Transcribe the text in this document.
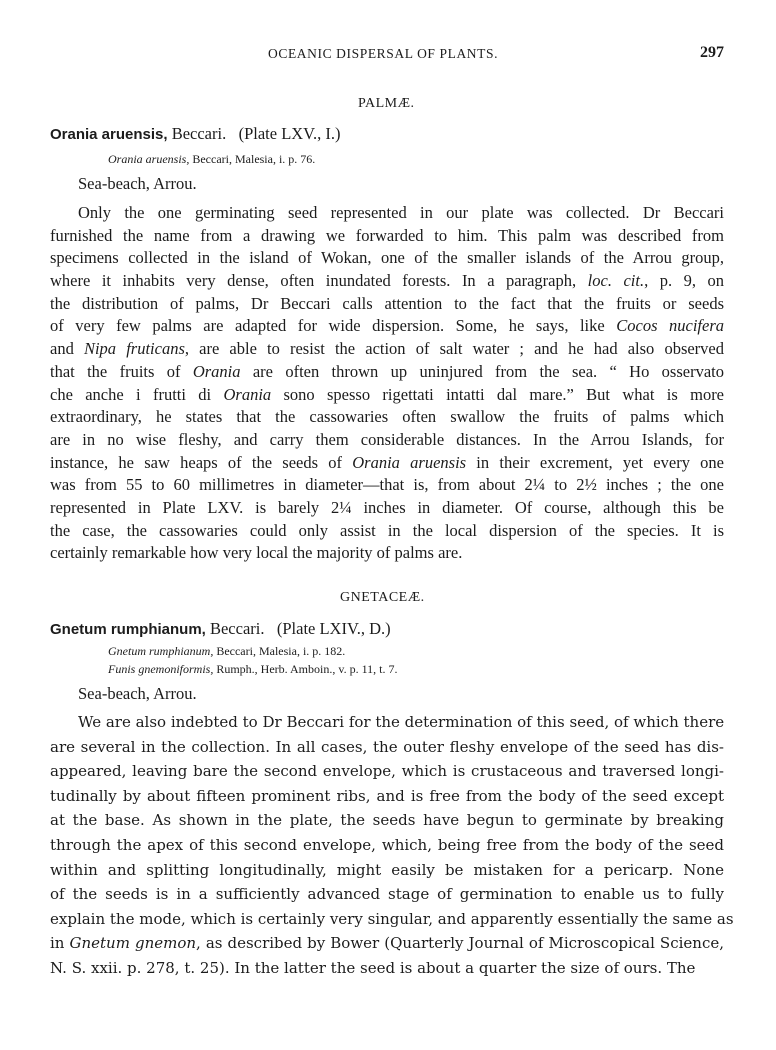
OCEANIC DISPERSAL OF PLANTS.	297
PALMÆ.
Orania aruensis, Beccari. (Plate LXV., I.)
Orania aruensis, Beccari, Malesia, i. p. 76.
Sea-beach, Arrou.
Only the one germinating seed represented in our plate was collected. Dr Beccari
furnished the name from a drawing we forwarded to him. This palm was described from
specimens collected in the island of Wokan, one of the smaller islands of the Arrou group,
where it inhabits very dense, often inundated forests. In a paragraph, loc. cit., p. 9, on
the distribution of palms, Dr Beccari calls attention to the fact that the fruits or seeds
of very few palms are adapted for wide dispersion. Some, he says, like Cocos nucifera
and Nipa fruticans, are able to resist the action of salt water ; and he had also observed
that the fruits of Orania are often thrown up uninjured from the sea. “ Ho osservato
che anche i frutti di Orania sono spesso rigettati intatti dal mare.” But what is more
extraordinary, he states that the cassowaries often swallow the fruits of palms which
are in no wise fleshy, and carry them considerable distances. In the Arrou Islands, for
instance, he saw heaps of the seeds of Orania aruensis in their excrement, yet every one
was from 55 to 60 millimetres in diameter—that is, from about 2¼ to 2½ inches ; the one
represented in Plate LXV. is barely 2¼ inches in diameter. Of course, although this be
the case, the cassowaries could only assist in the local dispersion of the species. It is
certainly remarkable how very local the majority of palms are.
GNETACEÆ.
Gnetum rumphianum, Beccari. (Plate LXIV., D.)
Gnetum rumphianum, Beccari, Malesia, i. p. 182.
Funis gnemoniformis, Rumph., Herb. Amboin., v. p. 11, t. 7.
Sea-beach, Arrou.
We are also indebted to Dr Beccari for the determination of this seed, of which there
are several in the collection. In all cases, the outer fleshy envelope of the seed has dis-
appeared, leaving bare the second envelope, which is crustaceous and traversed longi-
tudinally by about fifteen prominent ribs, and is free from the body of the seed except
at the base. As shown in the plate, the seeds have begun to germinate by breaking
through the apex of this second envelope, which, being free from the body of the seed
within and splitting longitudinally, might easily be mistaken for a pericarp. None
of the seeds is in a sufficiently advanced stage of germination to enable us to fully
explain the mode, which is certainly very singular, and apparently essentially the same as
in Gnetum gnemon, as described by Bower (Quarterly Journal of Microscopical Science,
N. S. xxii. p. 278, t. 25). In the latter the seed is about a quarter the size of ours. The
